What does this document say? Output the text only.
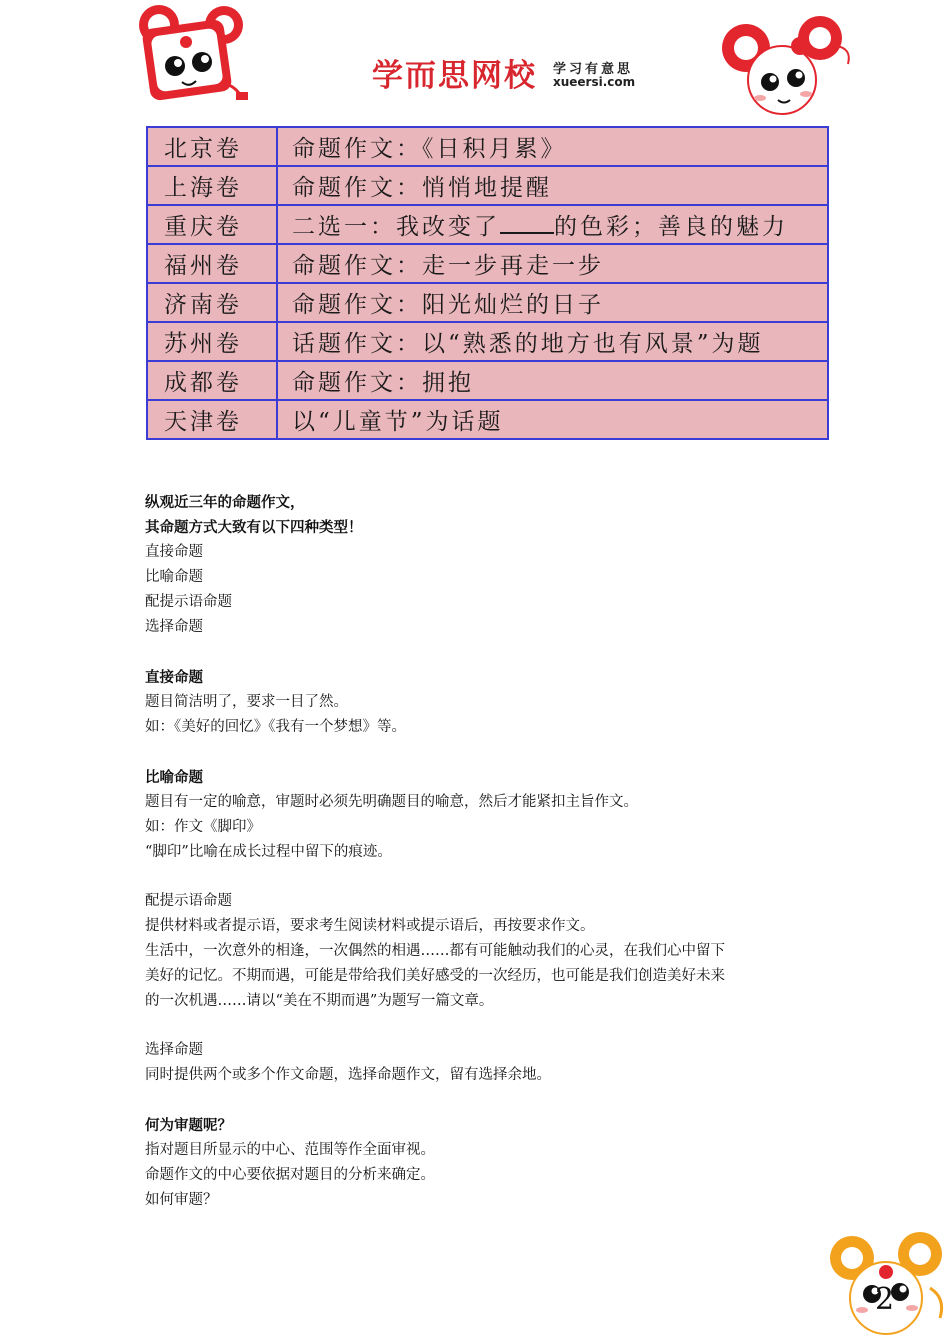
学而思网校 学习有意思
xueersi.com
北京卷	命题作文：《日积月累》
上海卷	命题作文：悄悄地提醒
重庆卷	二选一：我改变了 的色彩；善良的魅力
福州卷	命题作文：走一步再走一步
济南卷	命题作文：阳光灿烂的日子
苏州卷	话题作文：以“熟悉的地方也有风景”为题
成都卷	命题作文：拥抱
天津卷	以“儿童节”为话题
纵观近三年的命题作文，
其命题方式大致有以下四种类型！
直接命题
比喻命题
配提示语命题
选择命题
直接命题
题目简洁明了，要求一目了然。
如：《美好的回忆》《我有一个梦想》等。
比喻命题
题目有一定的喻意，审题时必须先明确题目的喻意，然后才能紧扣主旨作文。
如：作文《脚印》
“脚印”比喻在成长过程中留下的痕迹。
配提示语命题
提供材料或者提示语，要求考生阅读材料或提示语后，再按要求作文。
生活中，一次意外的相逢，一次偶然的相遇……都有可能触动我们的心灵，在我们心中留下
美好的记忆。不期而遇，可能是带给我们美好感受的一次经历，也可能是我们创造美好未来
的一次机遇……请以“美在不期而遇”为题写一篇文章。
选择命题
同时提供两个或多个作文命题，选择命题作文，留有选择余地。
何为审题呢？
指对题目所显示的中心、范围等作全面审视。
命题作文的中心要依据对题目的分析来确定。
如何审题？
2
